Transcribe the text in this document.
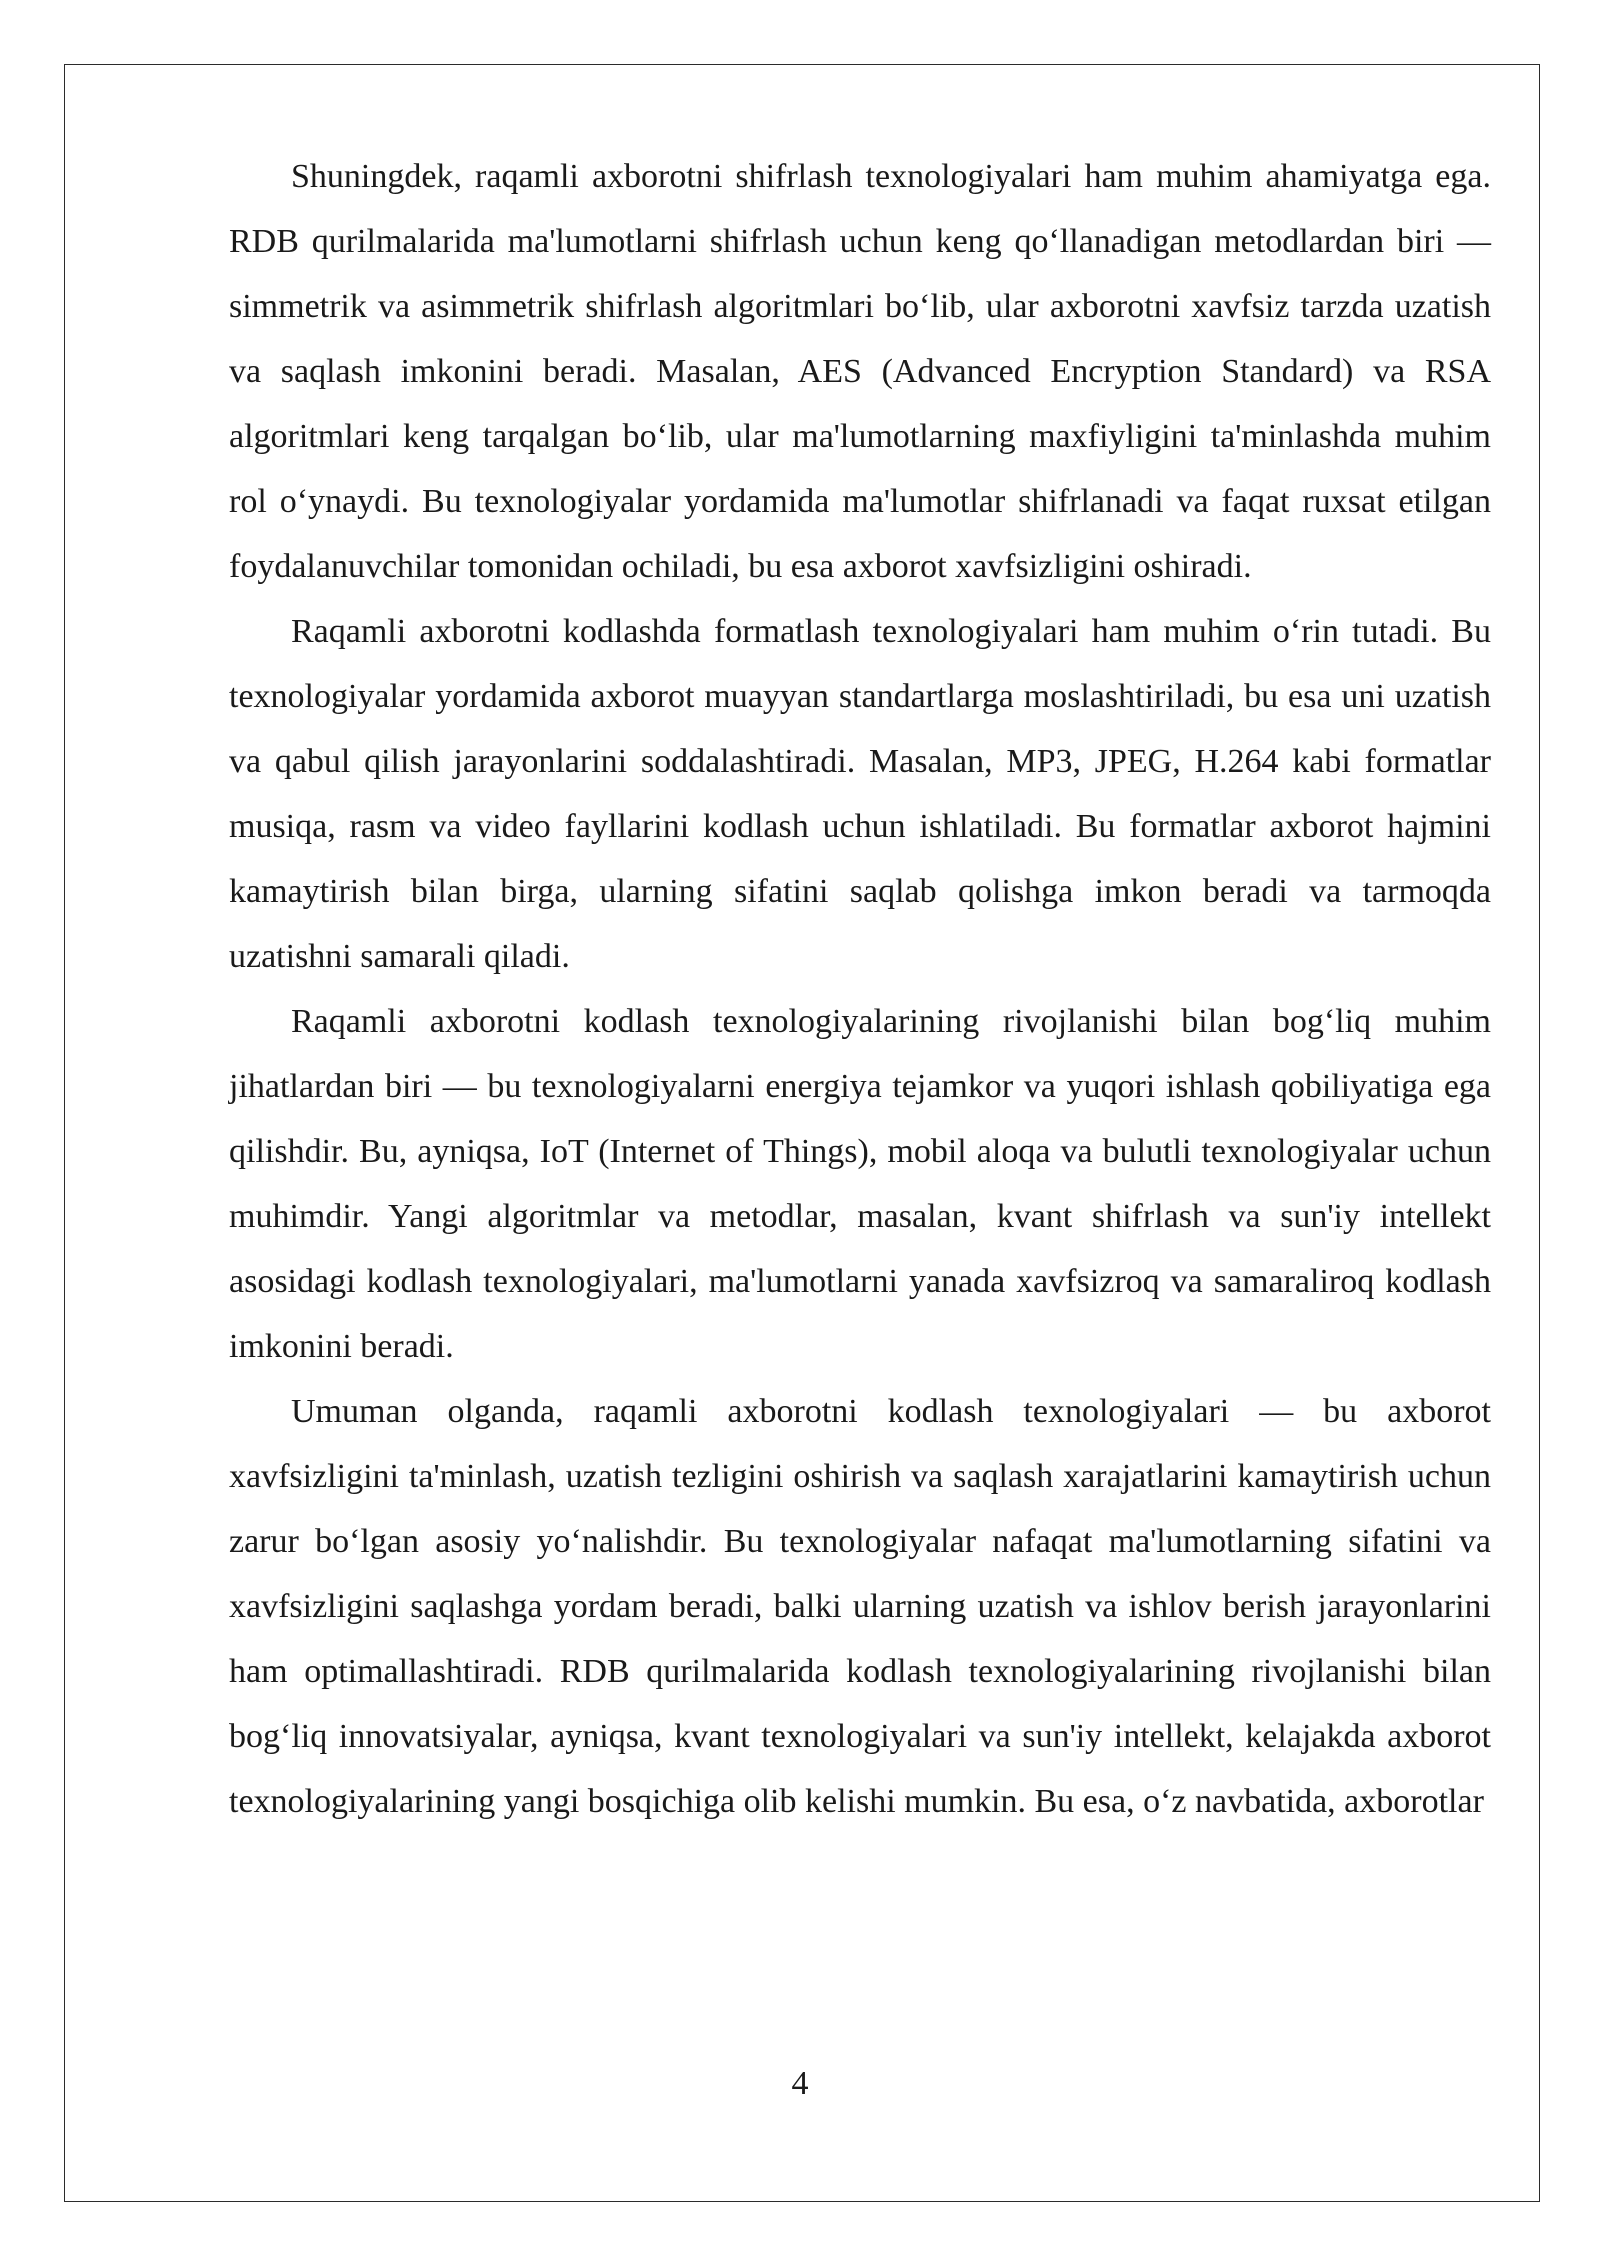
Shuningdek, raqamli axborotni shifrlash texnologiyalari ham muhim ahamiyatga ega. RDB qurilmalarida ma'lumotlarni shifrlash uchun keng qo‘llanadigan metodlardan biri — simmetrik va asimmetrik shifrlash algoritmlari bo‘lib, ular axborotni xavfsiz tarzda uzatish va saqlash imkonini beradi. Masalan, AES (Advanced Encryption Standard) va RSA algoritmlari keng tarqalgan bo‘lib, ular ma'lumotlarning maxfiyligini ta'minlashda muhim rol o‘ynaydi. Bu texnologiyalar yordamida ma'lumotlar shifrlanadi va faqat ruxsat etilgan foydalanuvchilar tomonidan ochiladi, bu esa axborot xavfsizligini oshiradi.

Raqamli axborotni kodlashda formatlash texnologiyalari ham muhim o‘rin tutadi. Bu texnologiyalar yordamida axborot muayyan standartlarga moslashtiriladi, bu esa uni uzatish va qabul qilish jarayonlarini soddalashtiradi. Masalan, MP3, JPEG, H.264 kabi formatlar musiqa, rasm va video fayllarini kodlash uchun ishlatiladi. Bu formatlar axborot hajmini kamaytirish bilan birga, ularning sifatini saqlab qolishga imkon beradi va tarmoqda uzatishni samarali qiladi.

Raqamli axborotni kodlash texnologiyalarining rivojlanishi bilan bog‘liq muhim jihatlardan biri — bu texnologiyalarni energiya tejamkor va yuqori ishlash qobiliyatiga ega qilishdir. Bu, ayniqsa, IoT (Internet of Things), mobil aloqa va bulutli texnologiyalar uchun muhimdir. Yangi algoritmlar va metodlar, masalan, kvant shifrlash va sun'iy intellekt asosidagi kodlash texnologiyalari, ma'lumotlarni yanada xavfsizroq va samaraliroq kodlash imkonini beradi.

Umuman olganda, raqamli axborotni kodlash texnologiyalari — bu axborot xavfsizligini ta'minlash, uzatish tezligini oshirish va saqlash xarajatlarini kamaytirish uchun zarur bo‘lgan asosiy yo‘nalishdir. Bu texnologiyalar nafaqat ma'lumotlarning sifatini va xavfsizligini saqlashga yordam beradi, balki ularning uzatish va ishlov berish jarayonlarini ham optimallashtiradi. RDB qurilmalarida kodlash texnologiyalarining rivojlanishi bilan bog‘liq innovatsiyalar, ayniqsa, kvant texnologiyalari va sun'iy intellekt, kelajakda axborot texnologiyalarining yangi bosqichiga olib kelishi mumkin. Bu esa, o‘z navbatida, axborotlar

4
